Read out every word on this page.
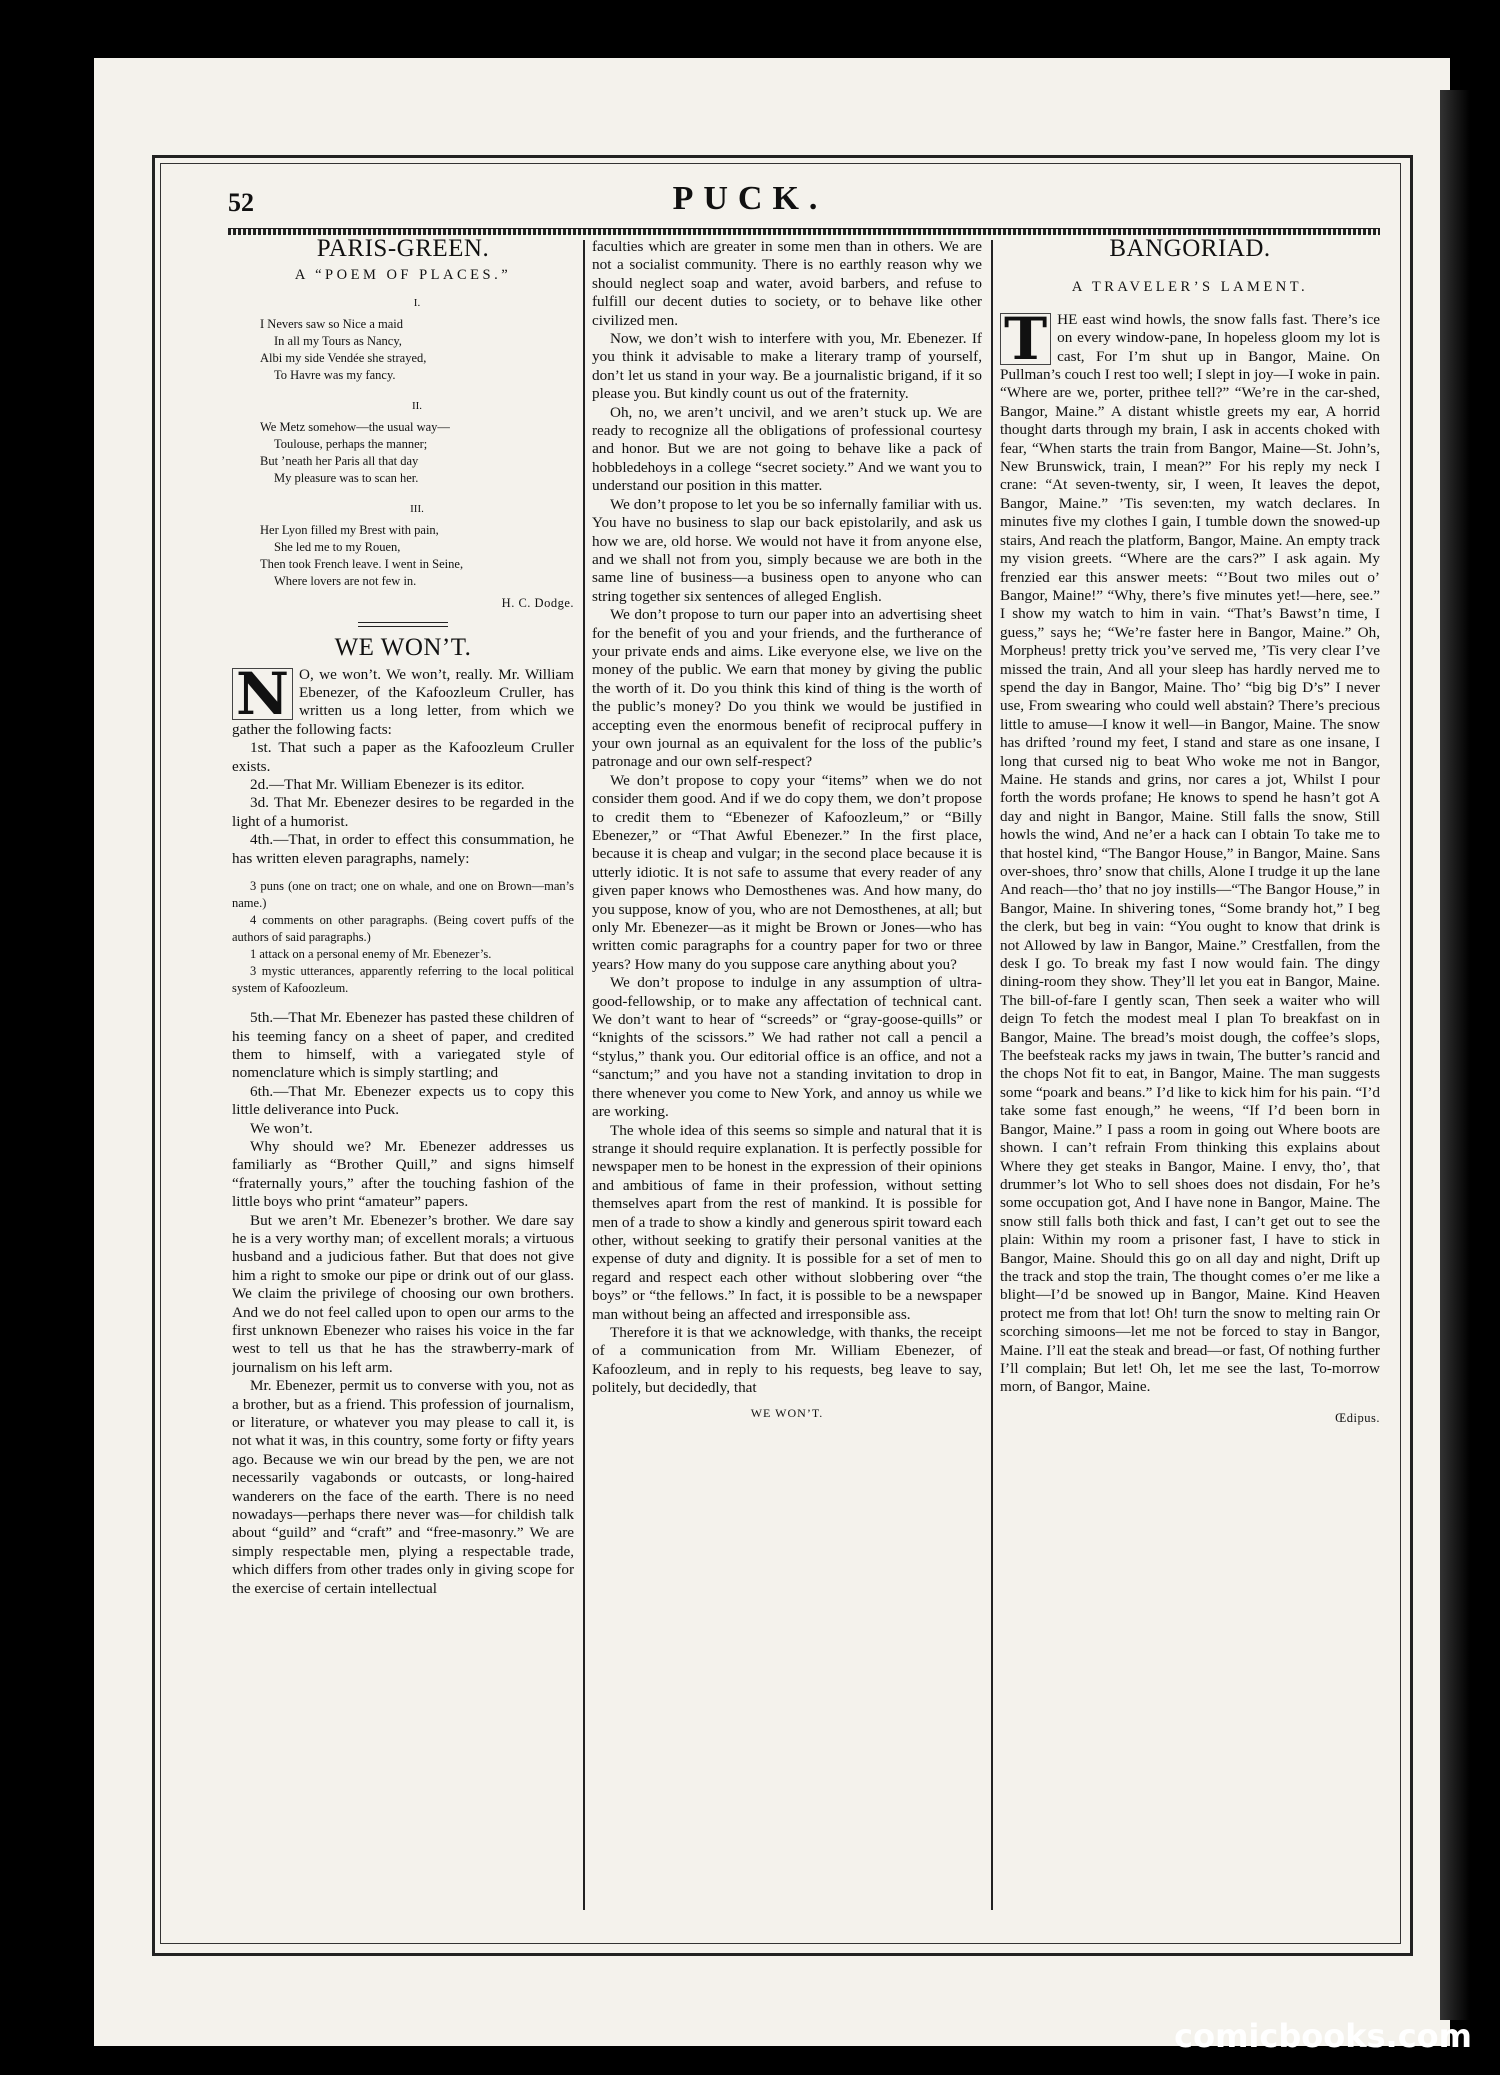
52	PUCK.
PARIS-GREEN.
A “POEM OF PLACES.”
I.
I Nevers saw so Nice a maid
In all my Tours as Nancy,
Albi my side Vendée she strayed,
To Havre was my fancy.
II.
We Metz somehow—the usual way—
Toulouse, perhaps the manner;
But ’neath her Paris all that day
My pleasure was to scan her.
III.
Her Lyon filled my Brest with pain,
She led me to my Rouen,
Then took French leave. I went in Seine,
Where lovers are not few in.
H. C. Dodge.
WE WON’T.

N O, we won’t. We won’t, really. Mr. William Ebenezer, of the Kafoozleum Cruller, has written us a long letter, from which we gather the following facts:

1st. That such a paper as the Kafoozleum Cruller exists.

2d.—That Mr. William Ebenezer is its editor.

3d. That Mr. Ebenezer desires to be regarded in the light of a humorist.

4th.—That, in order to effect this consummation, he has written eleven paragraphs, namely:

3 puns (one on tract; one on whale, and one on Brown—man’s name.)

4 comments on other paragraphs. (Being covert puffs of the authors of said paragraphs.)

1 attack on a personal enemy of Mr. Ebenezer’s.

3 mystic utterances, apparently referring to the local political system of Kafoozleum.

5th.—That Mr. Ebenezer has pasted these children of his teeming fancy on a sheet of paper, and credited them to himself, with a variegated style of nomenclature which is simply startling; and

6th.—That Mr. Ebenezer expects us to copy this little deliverance into Puck.

We won’t.

Why should we? Mr. Ebenezer addresses us familiarly as “Brother Quill,” and signs himself “fraternally yours,” after the touching fashion of the little boys who print “amateur” papers.

But we aren’t Mr. Ebenezer’s brother. We dare say he is a very worthy man; of excellent morals; a virtuous husband and a judicious father. But that does not give him a right to smoke our pipe or drink out of our glass. We claim the privilege of choosing our own brothers. And we do not feel called upon to open our arms to the first unknown Ebenezer who raises his voice in the far west to tell us that he has the strawberry-mark of journalism on his left arm.

Mr. Ebenezer, permit us to converse with you, not as a brother, but as a friend. This profession of journalism, or literature, or whatever you may please to call it, is not what it was, in this country, some forty or fifty years ago. Because we win our bread by the pen, we are not necessarily vagabonds or outcasts, or long-haired wanderers on the face of the earth. There is no need nowadays—perhaps there never was—for childish talk about “guild” and “craft” and “free-masonry.” We are simply respectable men, plying a respectable trade, which differs from other trades only in giving scope for the exercise of certain intellectual

faculties which are greater in some men than in others. We are not a socialist community. There is no earthly reason why we should neglect soap and water, avoid barbers, and refuse to fulfill our decent duties to society, or to behave like other civilized men.

Now, we don’t wish to interfere with you, Mr. Ebenezer. If you think it advisable to make a literary tramp of yourself, don’t let us stand in your way. Be a journalistic brigand, if it so please you. But kindly count us out of the fraternity.

Oh, no, we aren’t uncivil, and we aren’t stuck up. We are ready to recognize all the obligations of professional courtesy and honor. But we are not going to behave like a pack of hobbledehoys in a college “secret society.” And we want you to understand our position in this matter.

We don’t propose to let you be so infernally familiar with us. You have no business to slap our back epistolarily, and ask us how we are, old horse. We would not have it from anyone else, and we shall not from you, simply because we are both in the same line of business—a business open to anyone who can string together six sentences of alleged English.

We don’t propose to turn our paper into an advertising sheet for the benefit of you and your friends, and the furtherance of your private ends and aims. Like everyone else, we live on the money of the public. We earn that money by giving the public the worth of it. Do you think this kind of thing is the worth of the public’s money? Do you think we would be justified in accepting even the enormous benefit of reciprocal puffery in your own journal as an equivalent for the loss of the public’s patronage and our own self-respect?

We don’t propose to copy your “items” when we do not consider them good. And if we do copy them, we don’t propose to credit them to “Ebenezer of Kafoozleum,” or “Billy Ebenezer,” or “That Awful Ebenezer.” In the first place, because it is cheap and vulgar; in the second place because it is utterly idiotic. It is not safe to assume that every reader of any given paper knows who Demosthenes was. And how many, do you suppose, know of you, who are not Demosthenes, at all; but only Mr. Ebenezer—as it might be Brown or Jones—who has written comic paragraphs for a country paper for two or three years? How many do you suppose care anything about you?

We don’t propose to indulge in any assumption of ultra-good-fellowship, or to make any affectation of technical cant. We don’t want to hear of “screeds” or “gray-goose-quills” or “knights of the scissors.” We had rather not call a pencil a “stylus,” thank you. Our editorial office is an office, and not a “sanctum;” and you have not a standing invitation to drop in there whenever you come to New York, and annoy us while we are working.

The whole idea of this seems so simple and natural that it is strange it should require explanation. It is perfectly possible for newspaper men to be honest in the expression of their opinions and ambitious of fame in their profession, without setting themselves apart from the rest of mankind. It is possible for men of a trade to show a kindly and generous spirit toward each other, without seeking to gratify their personal vanities at the expense of duty and dignity. It is possible for a set of men to regard and respect each other without slobbering over “the boys” or “the fellows.” In fact, it is possible to be a newspaper man without being an affected and irresponsible ass.

Therefore it is that we acknowledge, with thanks, the receipt of a communication from Mr. William Ebenezer, of Kafoozleum, and in reply to his requests, beg leave to say, politely, but decidedly, that

WE WON’T.
BANGORIAD.
A TRAVELER’S LAMENT.

T HE east wind howls, the snow falls fast. There’s ice on every window-pane, In hopeless gloom my lot is cast, For I’m shut up in Bangor, Maine. On Pullman’s couch I rest too well; I slept in joy—I woke in pain. “Where are we, porter, prithee tell?” “We’re in the car-shed, Bangor, Maine.” A distant whistle greets my ear, A horrid thought darts through my brain, I ask in accents choked with fear, “When starts the train from Bangor, Maine—St. John’s, New Brunswick, train, I mean?” For his reply my neck I crane: “At seven-twenty, sir, I ween, It leaves the depot, Bangor, Maine.” ’Tis seven:ten, my watch declares. In minutes five my clothes I gain, I tumble down the snowed-up stairs, And reach the platform, Bangor, Maine. An empty track my vision greets. “Where are the cars?” I ask again. My frenzied ear this answer meets: “’Bout two miles out o’ Bangor, Maine!” “Why, there’s five minutes yet!—here, see.” I show my watch to him in vain. “That’s Bawst’n time, I guess,” says he; “We’re faster here in Bangor, Maine.” Oh, Morpheus! pretty trick you’ve served me, ’Tis very clear I’ve missed the train, And all your sleep has hardly nerved me to spend the day in Bangor, Maine. Tho’ “big big D’s” I never use, From swearing who could well abstain? There’s precious little to amuse—I know it well—in Bangor, Maine. The snow has drifted ’round my feet, I stand and stare as one insane, I long that cursed nig to beat Who woke me not in Bangor, Maine. He stands and grins, nor cares a jot, Whilst I pour forth the words profane; He knows to spend he hasn’t got A day and night in Bangor, Maine. Still falls the snow, Still howls the wind, And ne’er a hack can I obtain To take me to that hostel kind, “The Bangor House,” in Bangor, Maine. Sans over-shoes, thro’ snow that chills, Alone I trudge it up the lane And reach—tho’ that no joy instills—“The Bangor House,” in Bangor, Maine. In shivering tones, “Some brandy hot,” I beg the clerk, but beg in vain: “You ought to know that drink is not Allowed by law in Bangor, Maine.” Crestfallen, from the desk I go. To break my fast I now would fain. The dingy dining-room they show. They’ll let you eat in Bangor, Maine. The bill-of-fare I gently scan, Then seek a waiter who will deign To fetch the modest meal I plan To breakfast on in Bangor, Maine. The bread’s moist dough, the coffee’s slops, The beefsteak racks my jaws in twain, The butter’s rancid and the chops Not fit to eat, in Bangor, Maine. The man suggests some “poark and beans.” I’d like to kick him for his pain. “I’d take some fast enough,” he weens, “If I’d been born in Bangor, Maine.” I pass a room in going out Where boots are shown. I can’t refrain From thinking this explains about Where they get steaks in Bangor, Maine. I envy, tho’, that drummer’s lot Who to sell shoes does not disdain, For he’s some occupation got, And I have none in Bangor, Maine. The snow still falls both thick and fast, I can’t get out to see the plain: Within my room a prisoner fast, I have to stick in Bangor, Maine. Should this go on all day and night, Drift up the track and stop the train, The thought comes o’er me like a blight—I’d be snowed up in Bangor, Maine. Kind Heaven protect me from that lot! Oh! turn the snow to melting rain Or scorching simoons—let me not be forced to stay in Bangor, Maine. I’ll eat the steak and bread—or fast, Of nothing further I’ll complain; But let! Oh, let me see the last, To-morrow morn, of Bangor, Maine.

Œdipus.
comicbooks.com
